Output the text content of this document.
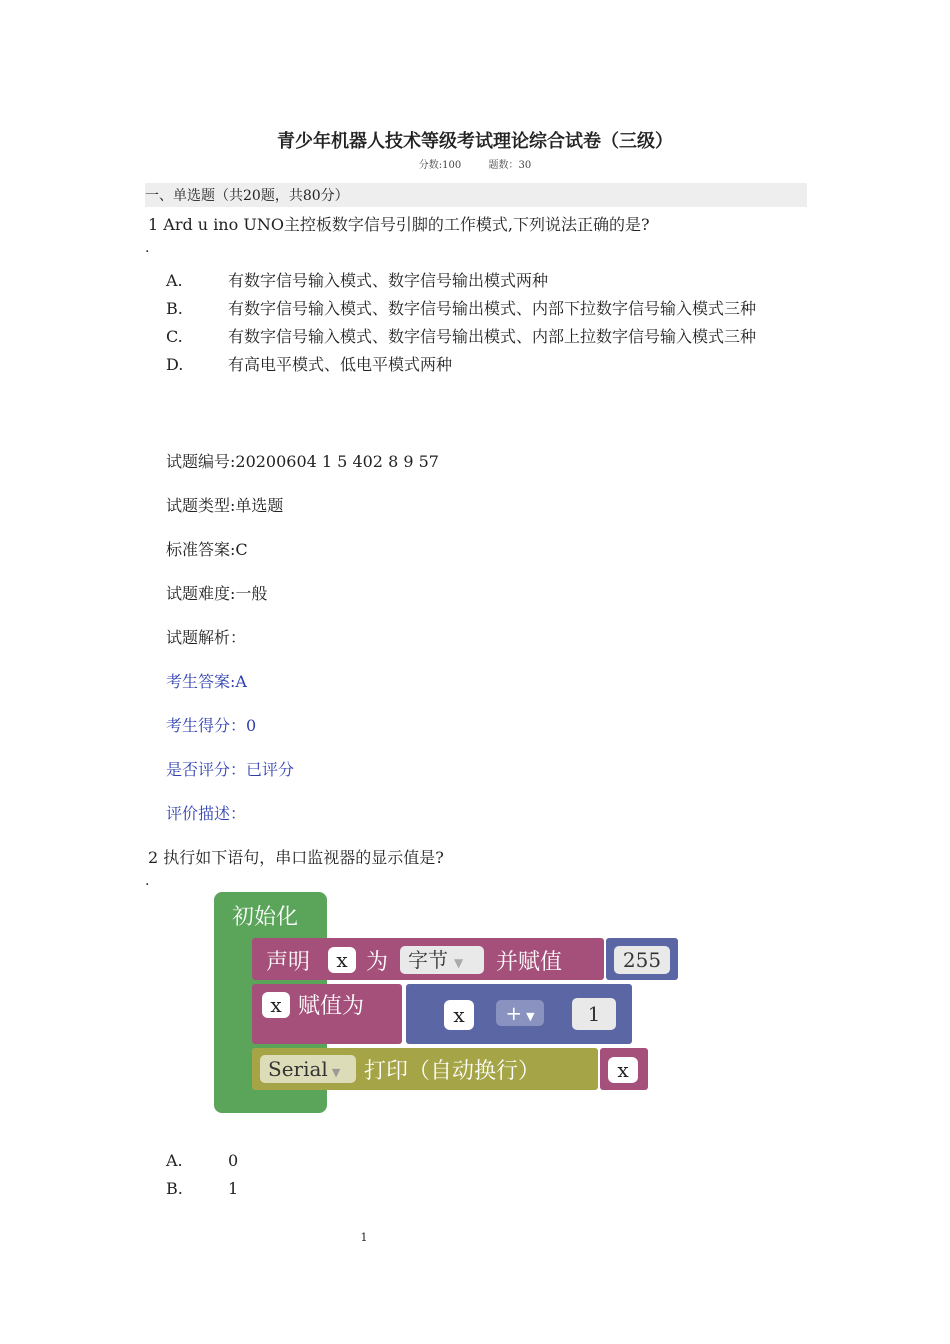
青少年机器人技术等级考试理论综合试卷（三级）
分数:100	题数：30
一、单选题（共20题，共80分）
1 Ard u ino UNO主控板数字信号引脚的工作模式,下列说法正确的是?
.
A.	有数字信号输入模式、数字信号输出模式两种
B.	有数字信号输入模式、数字信号输出模式、内部下拉数字信号输入模式三种
C.	有数字信号输入模式、数字信号输出模式、内部上拉数字信号输入模式三种
D.	有高电平模式、低电平模式两种
试题编号:20200604 1 5 402 8 9 57
试题类型:单选题
标准答案:C
试题难度:一般
试题解析：
考生答案:A
考生得分：0
是否评分：已评分
评价描述：
2 执行如下语句，串口监视器的显示值是?
.
初始化
声明	x 为 字节 ▼	并赋值	255
x 赋值为	x	+ ▼	1
Serial ▼	打印（自动换行）	x
A.	0
B.	1
1
